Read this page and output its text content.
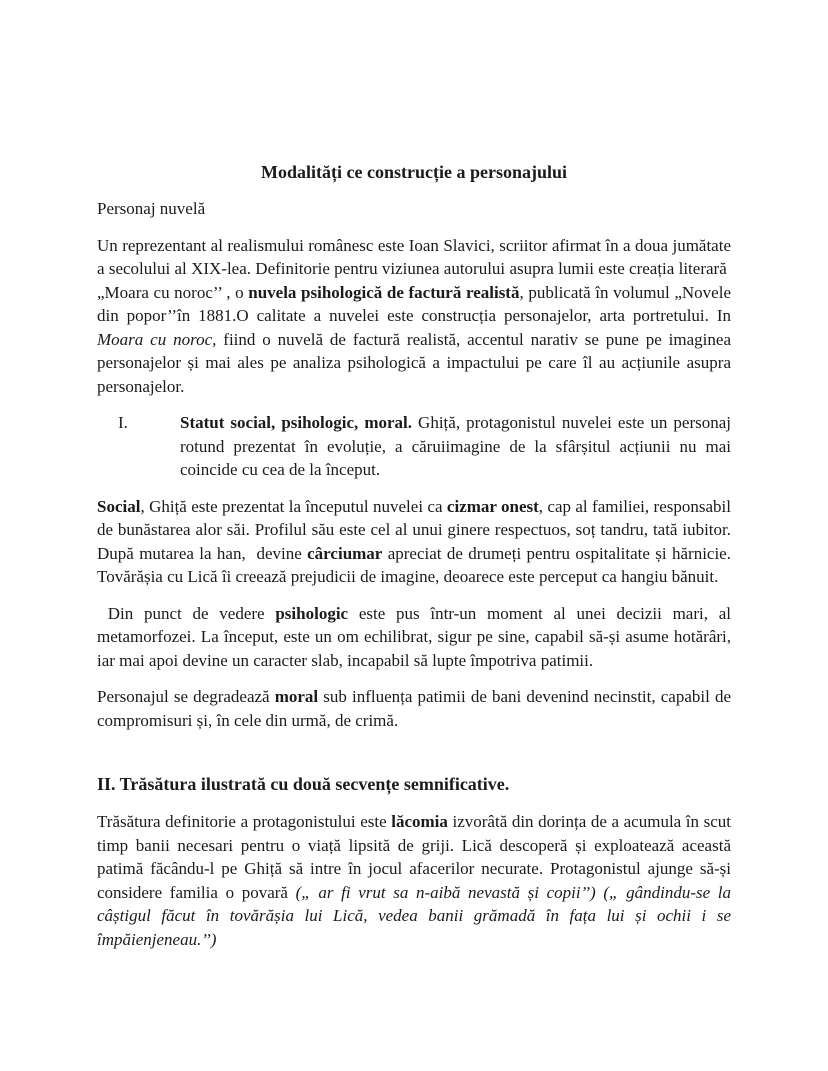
Modalități ce construcție a personajului

Personaj nuvelă

Un reprezentant al realismului românesc este Ioan Slavici, scriitor afirmat în a doua jumătate a secolului al XIX-lea. Definitorie pentru viziunea autorului asupra lumii este creația literară  „Moara cu noroc’’ , o nuvela psihologică de factură realistă, publicată în volumul „Novele din popor’’în 1881.O calitate a nuvelei este construcția personajelor, arta portretului. In Moara cu noroc, fiind o nuvelă de factură realistă, accentul narativ se pune pe imaginea personajelor și mai ales pe analiza psihologică a impactului pe care îl au acțiunile asupra personajelor.

I.	Statut social, psihologic, moral. Ghiță, protagonistul nuvelei este un personaj rotund prezentat în evoluție, a căruiimagine de la sfârșitul acțiunii nu mai coincide cu cea de la început.

Social, Ghiță este prezentat la începutul nuvelei ca cizmar onest, cap al familiei, responsabil de bunăstarea alor săi. Profilul său este cel al unui ginere respectuos, soț tandru, tată iubitor. După mutarea la han,  devine cârciumar apreciat de drumeți pentru ospitalitate și hărnicie. Tovărășia cu Lică îi creează prejudicii de imagine, deoarece este perceput ca hangiu bănuit.

Din punct de vedere psihologic este pus într-un moment al unei decizii mari, al metamorfozei. La început, este un om echilibrat, sigur pe sine, capabil să-și asume hotărâri, iar mai apoi devine un caracter slab, incapabil să lupte împotriva patimii.

Personajul se degradează moral sub influența patimii de bani devenind necinstit, capabil de compromisuri și, în cele din urmă, de crimă.

II. Trăsătura ilustrată cu două secvențe semnificative.

Trăsătura definitorie a protagonistului este lăcomia izvorâtă din dorința de a acumula în scut timp banii necesari pentru o viață lipsită de griji. Lică descoperă și exploatează această patimă făcându-l pe Ghiță să intre în jocul afacerilor necurate. Protagonistul ajunge să-și considere familia o povară („ ar fi vrut sa n-aibă nevastă și copii’’) („ gândindu-se la câștigul făcut în tovărășia lui Lică, vedea banii grămadă în fața lui și ochii i se împăienjeneau.’’)
